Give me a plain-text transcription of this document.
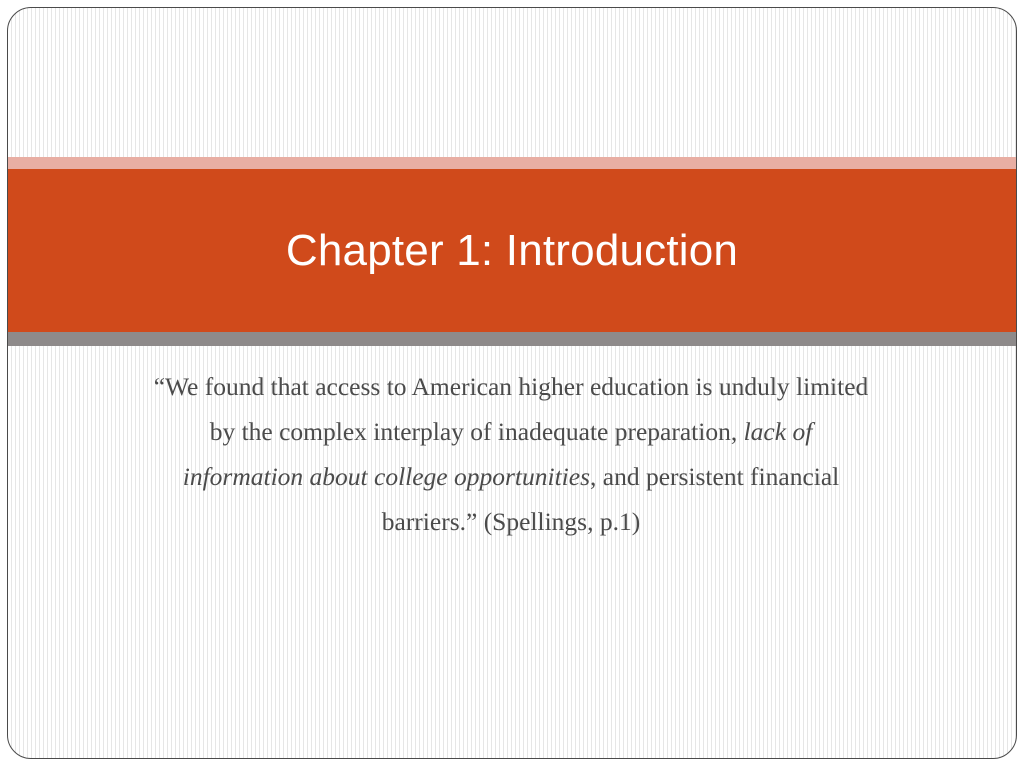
Chapter 1: Introduction
“We found that access to American higher education is unduly limited by the complex interplay of inadequate preparation, lack of information about college opportunities, and persistent financial barriers.” (Spellings, p.1)
